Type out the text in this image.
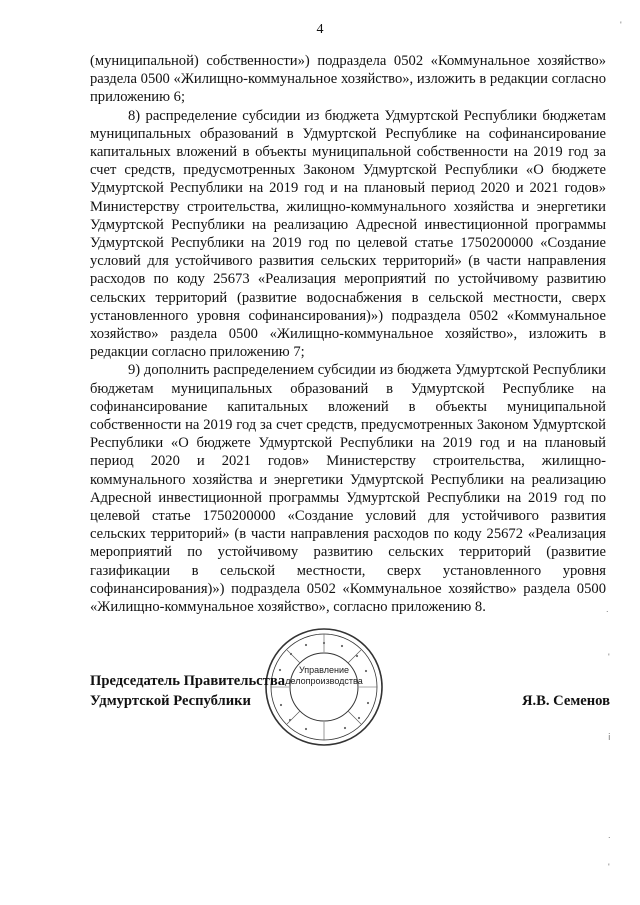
4

(муниципальной) собственности») подраздела 0502 «Коммунальное хозяйство» раздела 0500 «Жилищно-коммунальное хозяйство», изложить в редакции согласно приложению 6;

8) распределение субсидии из бюджета Удмуртской Республики бюджетам муниципальных образований в Удмуртской Республике на софинансирование капитальных вложений в объекты муниципальной собственности на 2019 год за счет средств, предусмотренных Законом Удмуртской Республики «О бюджете Удмуртской Республики на 2019 год и на плановый период 2020 и 2021 годов» Министерству строительства, жилищно-коммунального хозяйства и энергетики Удмуртской Республики на реализацию Адресной инвестиционной программы Удмуртской Республики на 2019 год по целевой статье 1750200000 «Создание условий для устойчивого развития сельских территорий» (в части направления расходов по коду 25673 «Реализация мероприятий по устойчивому развитию сельских территорий (развитие водоснабжения в сельской местности, сверх установленного уровня софинансирования)») подраздела 0502 «Коммунальное хозяйство» раздела 0500 «Жилищно-коммунальное хозяйство», изложить в редакции согласно приложению 7;

9) дополнить распределением субсидии из бюджета Удмуртской Республики бюджетам муниципальных образований в Удмуртской Республике на софинансирование капитальных вложений в объекты муниципальной собственности на 2019 год за счет средств, предусмотренных Законом Удмуртской Республики «О бюджете Удмуртской Республики на 2019 год и на плановый период 2020 и 2021 годов» Министерству строительства, жилищно-коммунального хозяйства и энергетики Удмуртской Республики на реализацию Адресной инвестиционной программы Удмуртской Республики на 2019 год по целевой статье 1750200000 «Создание условий для устойчивого развития сельских территорий» (в части направления расходов по коду 25672 «Реализация мероприятий по устойчивому развитию сельских территорий (развитие газификации в сельской местности, сверх установленного уровня софинансирования)») подраздела 0502 «Коммунальное хозяйство» раздела 0500 «Жилищно-коммунальное хозяйство», согласно приложению 8.

Управление
делопроизводства
Председатель Правительства
Удмуртской Республики	Я.В. Семенов
'
.
'
ⅰ
.
'
